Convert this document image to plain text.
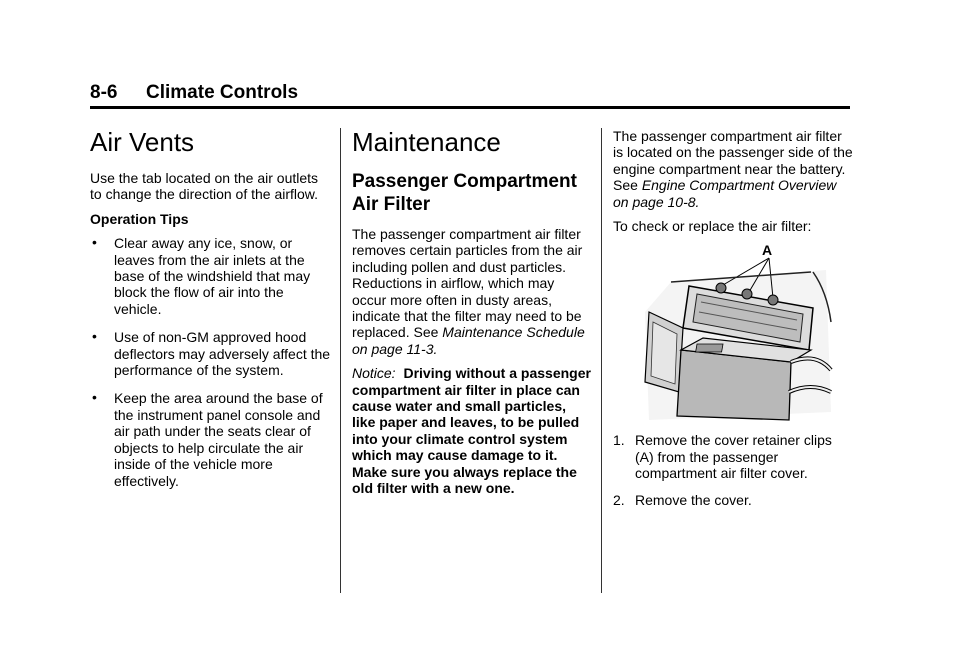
8-6 Climate Controls
Air Vents

Use the tab located on the air outlets to change the direction of the airflow.

Operation Tips

• Clear away any ice, snow, or leaves from the air inlets at the base of the windshield that may block the flow of air into the vehicle.
• Use of non-GM approved hood deflectors may adversely affect the performance of the system.
• Keep the area around the base of the instrument panel console and air path under the seats clear of objects to help circulate the air inside of the vehicle more effectively.
Maintenance
Passenger Compartment Air Filter

The passenger compartment air filter removes certain particles from the air including pollen and dust particles. Reductions in airflow, which may occur more often in dusty areas, indicate that the filter may need to be replaced. See Maintenance Schedule on page 11-3.

Notice: Driving without a passenger compartment air filter in place can cause water and small particles, like paper and leaves, to be pulled into your climate control system which may cause damage to it. Make sure you always replace the old filter with a new one.

The passenger compartment air filter is located on the passenger side of the engine compartment near the battery. See Engine Compartment Overview on page 10-8.

To check or replace the air filter:

A
1. Remove the cover retainer clips (A) from the passenger compartment air filter cover.
2. Remove the cover.
